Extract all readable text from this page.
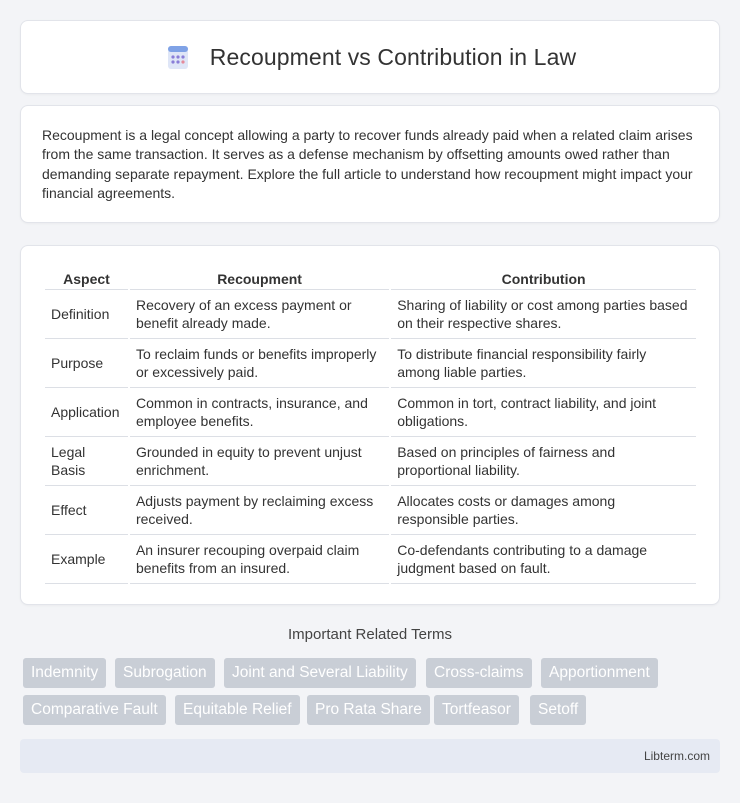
Recoupment vs Contribution in Law

Recoupment is a legal concept allowing a party to recover funds already paid when a related claim arises from the same transaction. It serves as a defense mechanism by offsetting amounts owed rather than demanding separate repayment. Explore the full article to understand how recoupment might impact your financial agreements.

Aspect	Recoupment	Contribution
Definition	Recovery of an excess payment or benefit already made.	Sharing of liability or cost among parties based on their respective shares.
Purpose	To reclaim funds or benefits improperly or excessively paid.	To distribute financial responsibility fairly among liable parties.
Application	Common in contracts, insurance, and employee benefits.	Common in tort, contract liability, and joint obligations.
Legal Basis	Grounded in equity to prevent unjust enrichment.	Based on principles of fairness and proportional liability.
Effect	Adjusts payment by reclaiming excess received.	Allocates costs or damages among responsible parties.
Example	An insurer recouping overpaid claim benefits from an insured.	Co-defendants contributing to a damage judgment based on fault.
Important Related Terms
Indemnity	Subrogation	Joint and Several Liability	Cross-claims	Apportionment
Comparative Fault	Equitable Relief	Pro Rata Share	Tortfeasor	Setoff
Libterm.com
